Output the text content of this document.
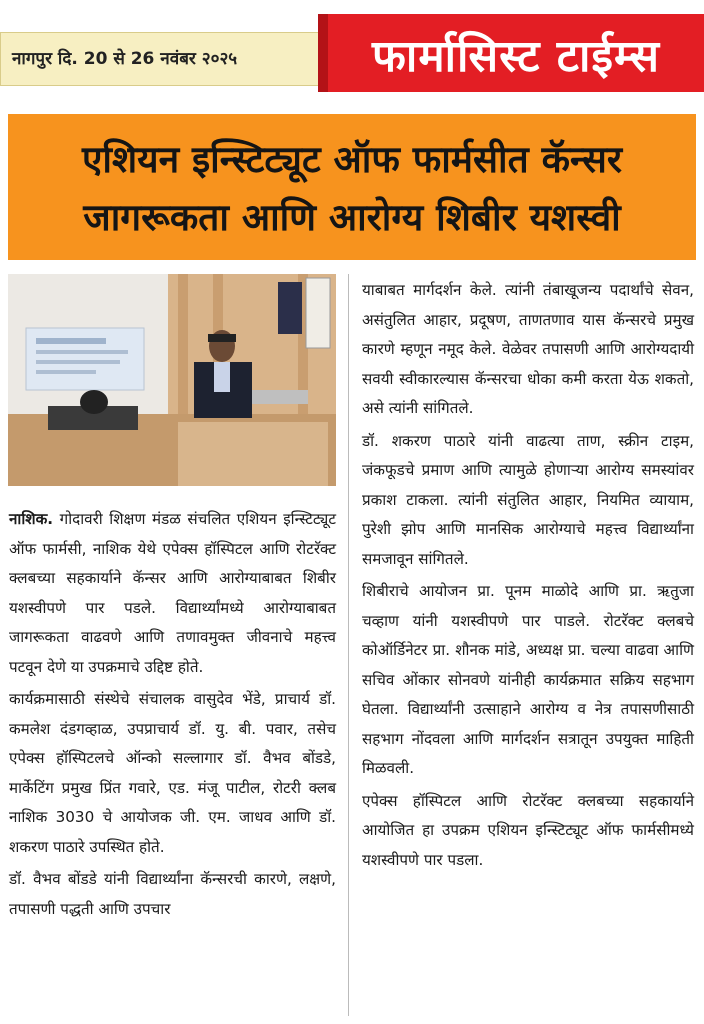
नागपुर दि. 20 से 26 नवंबर २०२५	फार्मासिस्ट टाईम्स
एशियन इन्स्टिट्यूट ऑफ फार्मसीत कॅन्सर
जागरूकता आणि आरोग्य शिबीर यशस्वी

नाशिक. गोदावरी शिक्षण मंडळ संचलित एशियन इन्स्टिट्यूट ऑफ फार्मसी, नाशिक येथे एपेक्स हॉस्पिटल आणि रोटरॅक्ट क्लबच्या सहकार्याने कॅन्सर आणि आरोग्याबाबत शिबीर यशस्वीपणे पार पडले. विद्यार्थ्यांमध्ये आरोग्याबाबत जागरूकता वाढवणे आणि तणावमुक्त जीवनाचे महत्त्व पटवून देणे या उपक्रमाचे उद्दिष्ट होते.

कार्यक्रमासाठी संस्थेचे संचालक वासुदेव भेंडे, प्राचार्य डॉ. कमलेश दंडगव्हाळ, उपप्राचार्य डॉ. यु. बी. पवार, तसेच एपेक्स हॉस्पिटलचे ऑन्को सल्लागार डॉ. वैभव बोंडडे, मार्केटिंग प्रमुख प्रिंत गवारे, एड. मंजू पाटील, रोटरी क्लब नाशिक 3030 चे आयोजक जी. एम. जाधव आणि डॉ. शकरण पाठारे उपस्थित होते.

डॉ. वैभव बोंडडे यांनी विद्यार्थ्यांना कॅन्सरची कारणे, लक्षणे, तपासणी पद्धती आणि उपचार

याबाबत मार्गदर्शन केले. त्यांनी तंबाखूजन्य पदार्थांचे सेवन, असंतुलित आहार, प्रदूषण, ताणतणाव यास कॅन्सरचे प्रमुख कारणे म्हणून नमूद केले. वेळेवर तपासणी आणि आरोग्यदायी सवयी स्वीकारल्यास कॅन्सरचा धोका कमी करता येऊ शकतो, असे त्यांनी सांगितले.

डॉ. शकरण पाठारे यांनी वाढत्या ताण, स्क्रीन टाइम, जंकफूडचे प्रमाण आणि त्यामुळे होणाऱ्या आरोग्य समस्यांवर प्रकाश टाकला. त्यांनी संतुलित आहार, नियमित व्यायाम, पुरेशी झोप आणि मानसिक आरोग्याचे महत्त्व विद्यार्थ्यांना समजावून सांगितले.

शिबीराचे आयोजन प्रा. पूनम माळोदे आणि प्रा. ऋतुजा चव्हाण यांनी यशस्वीपणे पार पाडले. रोटरॅक्ट क्लबचे कोऑर्डिनेटर प्रा. शौनक मांडे, अध्यक्ष प्रा. चल्या वाढवा आणि सचिव ओंकार सोनवणे यांनीही कार्यक्रमात सक्रिय सहभाग घेतला. विद्यार्थ्यांनी उत्साहाने आरोग्य व नेत्र तपासणीसाठी सहभाग नोंदवला आणि मार्गदर्शन सत्रातून उपयुक्त माहिती मिळवली.

एपेक्स हॉस्पिटल आणि रोटरॅक्ट क्लबच्या सहकार्याने आयोजित हा उपक्रम एशियन इन्स्टिट्यूट ऑफ फार्मसीमध्ये यशस्वीपणे पार पडला.
